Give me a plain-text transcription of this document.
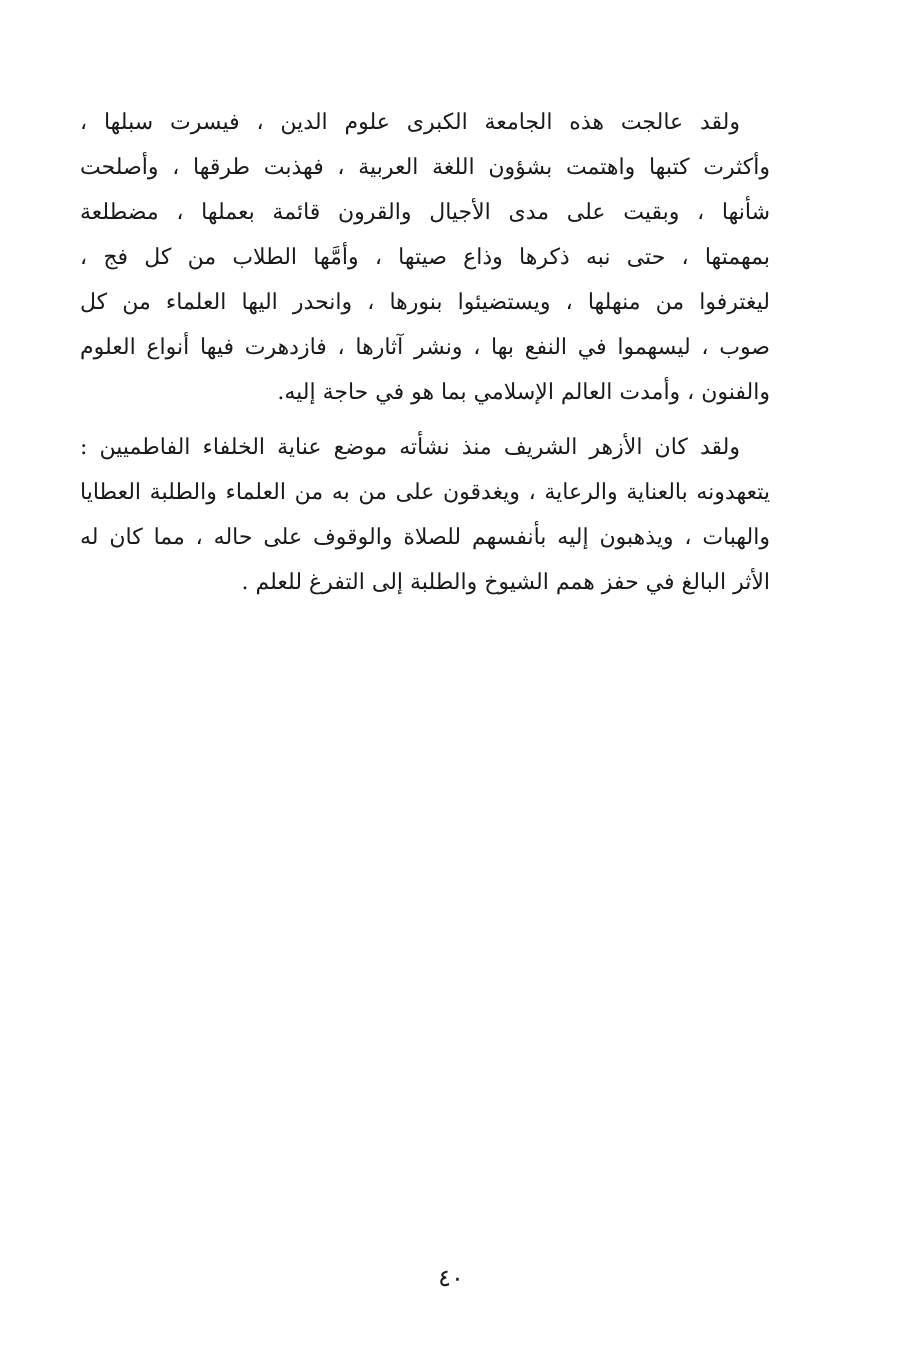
ولقد عالجت هذه الجامعة الكبرى علوم الدين ، فيسرت سبلها ،
وأكثرت كتبها واهتمت بشؤون اللغة العربية ، فهذبت طرقها ، وأصلحت
شأنها ، وبقيت على مدى الأجيال والقرون قائمة بعملها ، مضطلعة
بمهمتها ، حتى نبه ذكرها وذاع صيتها ، وأمَّها الطلاب من كل فج ،
ليغترفوا من منهلها ، ويستضيئوا بنورها ، وانحدر اليها العلماء من كل
صوب ، ليسهموا في النفع بها ، ونشر آثارها ، فازدهرت فيها أنواع العلوم
والفنون ، وأمدت العالم الإسلامي بما هو في حاجة إليه.
ولقد كان الأزهر الشريف منذ نشأته موضع عناية الخلفاء الفاطميين :
يتعهدونه بالعناية والرعاية ، ويغدقون على من به من العلماء والطلبة العطايا
والهبات ، ويذهبون إليه بأنفسهم للصلاة والوقوف على حاله ، مما كان له
الأثر البالغ في حفز همم الشيوخ والطلبة إلى التفرغ للعلم .
٤٠
